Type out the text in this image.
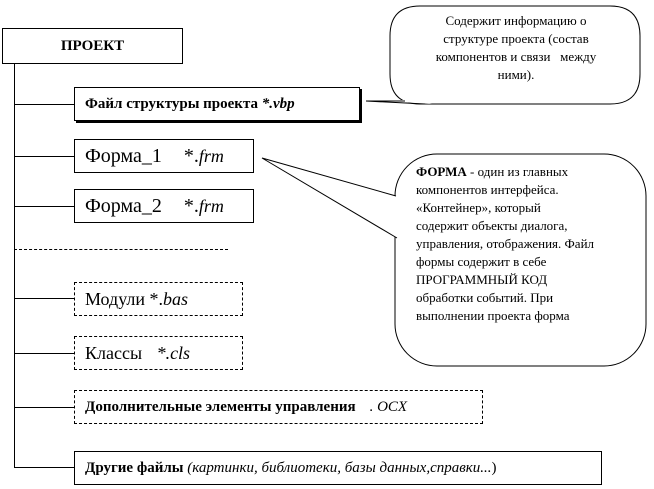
ПРОЕКТ
Файл структуры проекта *.vbp
Форма_1 *. frm
Форма_2 *. frm
Модули *. bas
Классы *.cls
Дополнительные элементы управления . OCX
Другие файлы (картинки, библиотеки, базы данных,справки... )
Содержит информацию о
структуре проекта (состав
компонентов и связи   между
ними).
ФОРМА - один из главных
компонентов интерфейса.
«Контейнер», который
содержит объекты диалога,
управления, отображения. Файл
формы содержит в себе
ПРОГРАММНЫЙ КОД
обработки событий. При
выполнении проекта форма
